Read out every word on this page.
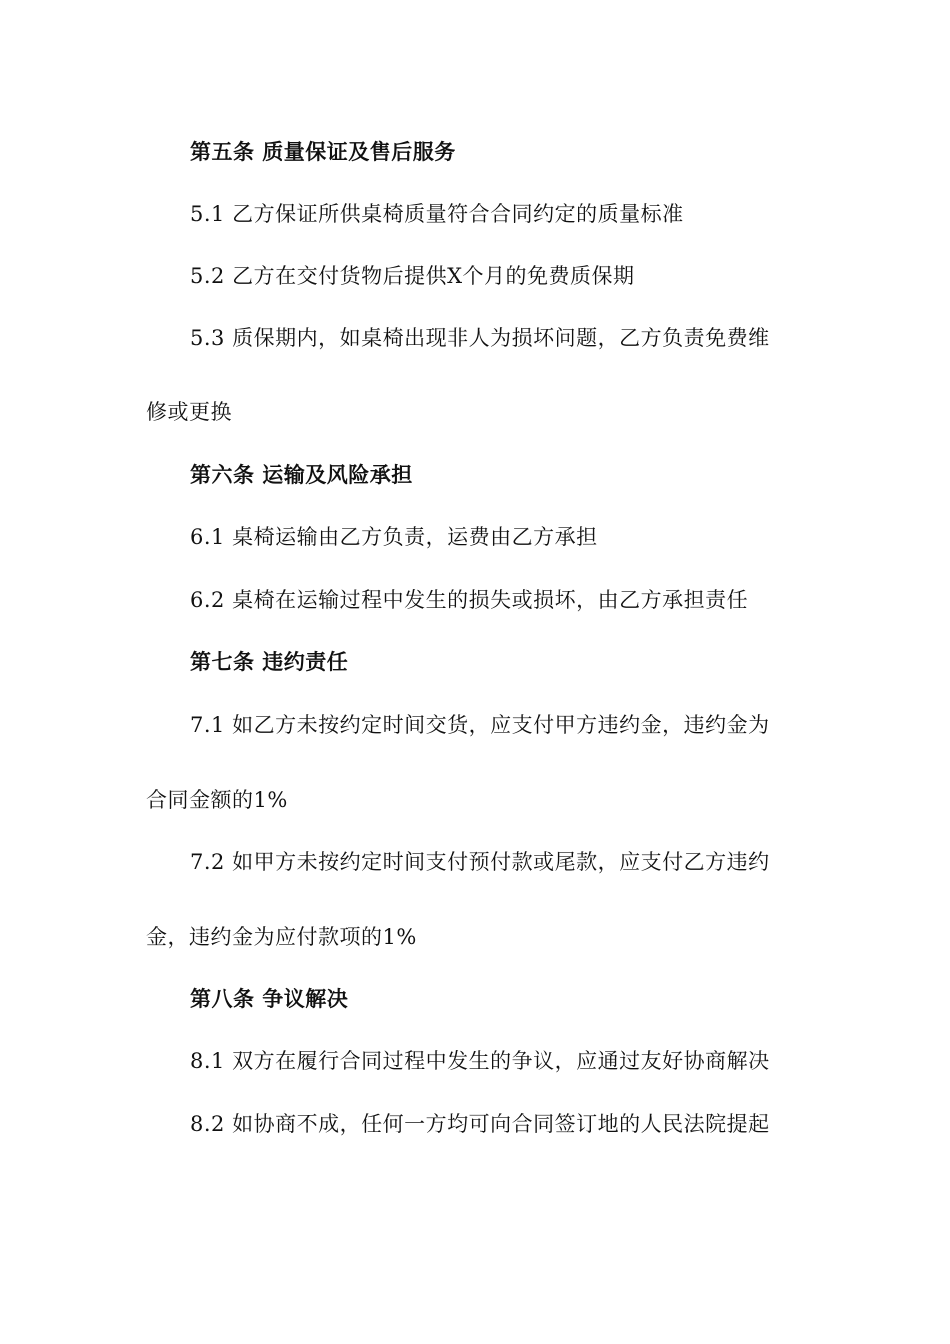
第五条 质量保证及售后服务
5.1 乙方保证所供桌椅质量符合合同约定的质量标准
5.2 乙方在交付货物后提供X个月的免费质保期
5.3 质保期内，如桌椅出现非人为损坏问题，乙方负责免费维
修或更换
第六条 运输及风险承担
6.1 桌椅运输由乙方负责，运费由乙方承担
6.2 桌椅在运输过程中发生的损失或损坏，由乙方承担责任
第七条 违约责任
7.1 如乙方未按约定时间交货，应支付甲方违约金，违约金为
合同金额的1%
7.2 如甲方未按约定时间支付预付款或尾款，应支付乙方违约
金，违约金为应付款项的1%
第八条 争议解决
8.1 双方在履行合同过程中发生的争议，应通过友好协商解决
8.2 如协商不成，任何一方均可向合同签订地的人民法院提起
